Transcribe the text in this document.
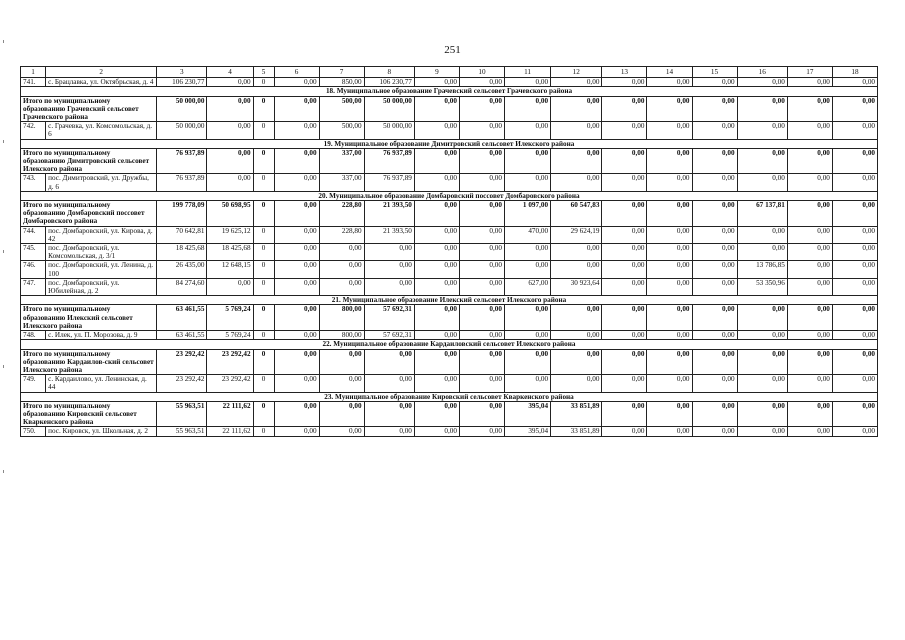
251
1	2	3	4	5	6	7	8	9	10	11	12	13	14	15	16	17	18
741.	с. Брацлавка, ул. Октябрьская, д. 4	106 230,77	0,00	0	0,00	850,00	106 230,77	0,00	0,00	0,00	0,00	0,00	0,00	0,00	0,00	0,00	0,00
18. Муниципальное образование Грачевский сельсовет Грачевского района																	
Итого по муниципальному образованию Грачевский сельсовет Грачевского района		50 000,00	0,00	0	0,00	500,00	50 000,00	0,00	0,00	0,00	0,00	0,00	0,00	0,00	0,00	0,00	0,00
742.	с. Грачевка, ул. Комсомольская, д. 6	50 000,00	0,00	0	0,00	500,00	50 000,00	0,00	0,00	0,00	0,00	0,00	0,00	0,00	0,00	0,00	0,00
19. Муниципальное образование Димитровский сельсовет Илекского района																	
Итого по муниципальному образованию Димитровский сельсовет Илекского района		76 937,89	0,00	0	0,00	337,00	76 937,89	0,00	0,00	0,00	0,00	0,00	0,00	0,00	0,00	0,00	0,00
743.	пос. Димитровский, ул. Дружбы, д. 6	76 937,89	0,00	0	0,00	337,00	76 937,89	0,00	0,00	0,00	0,00	0,00	0,00	0,00	0,00	0,00	0,00
20. Муниципальное образование Домбаровский поссовет Домбаровского района																	
Итого по муниципальному образованию Домбаровский поссовет Домбаровского района		199 778,09	50 698,95	0	0,00	228,80	21 393,50	0,00	0,00	1 097,00	60 547,83	0,00	0,00	0,00	67 137,81	0,00	0,00
744.	пос. Домбаровский, ул. Кирова, д. 42	70 642,81	19 625,12	0	0,00	228,80	21 393,50	0,00	0,00	470,00	29 624,19	0,00	0,00	0,00	0,00	0,00	0,00
745.	пос. Домбаровский, ул. Комсомольская, д. 3/1	18 425,68	18 425,68	0	0,00	0,00	0,00	0,00	0,00	0,00	0,00	0,00	0,00	0,00	0,00	0,00	0,00
746.	пос. Домбаровский, ул. Ленина, д. 100	26 435,00	12 648,15	0	0,00	0,00	0,00	0,00	0,00	0,00	0,00	0,00	0,00	0,00	13 786,85	0,00	0,00
747.	пос. Домбаровский, ул. Юбилейная, д. 2	84 274,60	0,00	0	0,00	0,00	0,00	0,00	0,00	627,00	30 923,64	0,00	0,00	0,00	53 350,96	0,00	0,00
21. Муниципальное образование Илекский сельсовет Илекского района																	
Итого по муниципальному образованию Илекский сельсовет Илекского района		63 461,55	5 769,24	0	0,00	800,00	57 692,31	0,00	0,00	0,00	0,00	0,00	0,00	0,00	0,00	0,00	0,00
748.	с. Илек, ул. П. Морозова, д. 9	63 461,55	5 769,24	0	0,00	800,00	57 692,31	0,00	0,00	0,00	0,00	0,00	0,00	0,00	0,00	0,00	0,00
22. Муниципальное образование Кардаиловский сельсовет Илекского района																	
Итого по муниципальному образованию Кардаилов-ский сельсовет Илекского района		23 292,42	23 292,42	0	0,00	0,00	0,00	0,00	0,00	0,00	0,00	0,00	0,00	0,00	0,00	0,00	0,00
749.	с. Кардаилово, ул. Ленинская, д. 44	23 292,42	23 292,42	0	0,00	0,00	0,00	0,00	0,00	0,00	0,00	0,00	0,00	0,00	0,00	0,00	0,00
23. Муниципальное образование Кировский сельсовет Кваркенского района																	
Итого по муниципальному образованию Кировский сельсовет Кваркенского района		55 963,51	22 111,62	0	0,00	0,00	0,00	0,00	0,00	395,04	33 851,89	0,00	0,00	0,00	0,00	0,00	0,00
750.	пос. Кировск, ул. Школьная, д. 2	55 963,51	22 111,62	0	0,00	0,00	0,00	0,00	0,00	395,04	33 851,89	0,00	0,00	0,00	0,00	0,00	0,00
